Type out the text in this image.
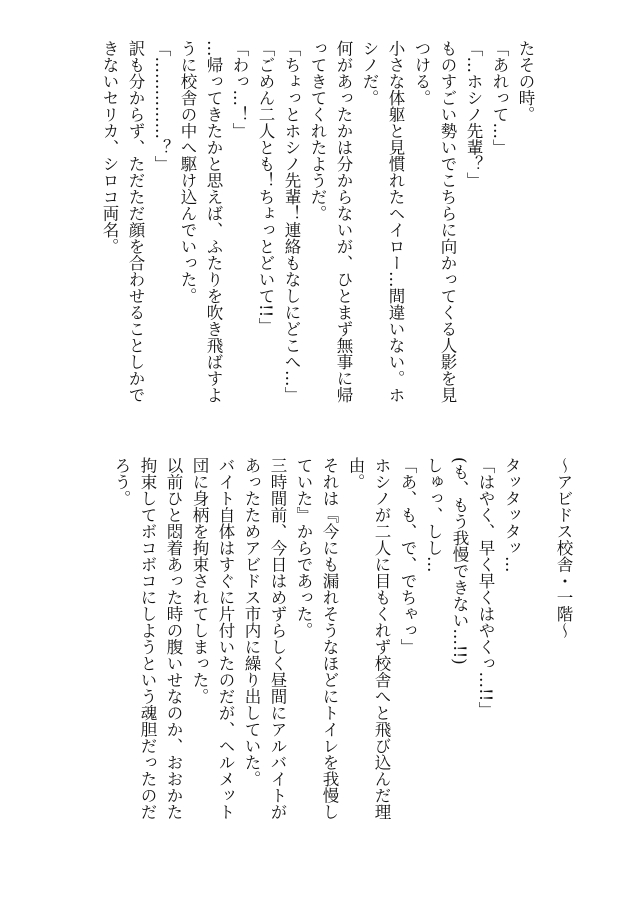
たその時。
「あれって…」
「…ホシノ先輩？」
ものすごい勢いでこちらに向かってくる人影を見
つける。
小さな体躯と見慣れたヘイロー…間違いない。ホ
シノだ。
何があったかは分からないが、ひとまず無事に帰
ってきてくれたようだ。
「ちょっとホシノ先輩！連絡もなしにどこへ…」
「ごめん二人とも！ちょっとどいて!!」
「わっ…！」
…帰ってきたかと思えば、ふたりを吹き飛ばすよ
うに校舎の中へ駆け込んでいった。
「……………？」
訳も分からず、ただただ顔を合わせることしかで
きないセリカ、シロコ両名。
～アビドス校舎・一階～
タッタッタッ…
「はやく、早く早くはやくっ…!!」
(も、もう我慢できない…!!)
しゅっ、しし…
「あ、も、で、でちゃっ」
ホシノが二人に目もくれず校舎へと飛び込んだ理
由。
それは『今にも漏れそうなほどにトイレを我慢し
ていた』からであった。
三時間前、今日はめずらしく昼間にアルバイトが
あったためアビドス市内に繰り出していた。
バイト自体はすぐに片付いたのだが、ヘルメット
団に身柄を拘束されてしまった。
以前ひと悶着あった時の腹いせなのか、おおかた
拘束してボコボコにしようという魂胆だったのだ
ろう。
